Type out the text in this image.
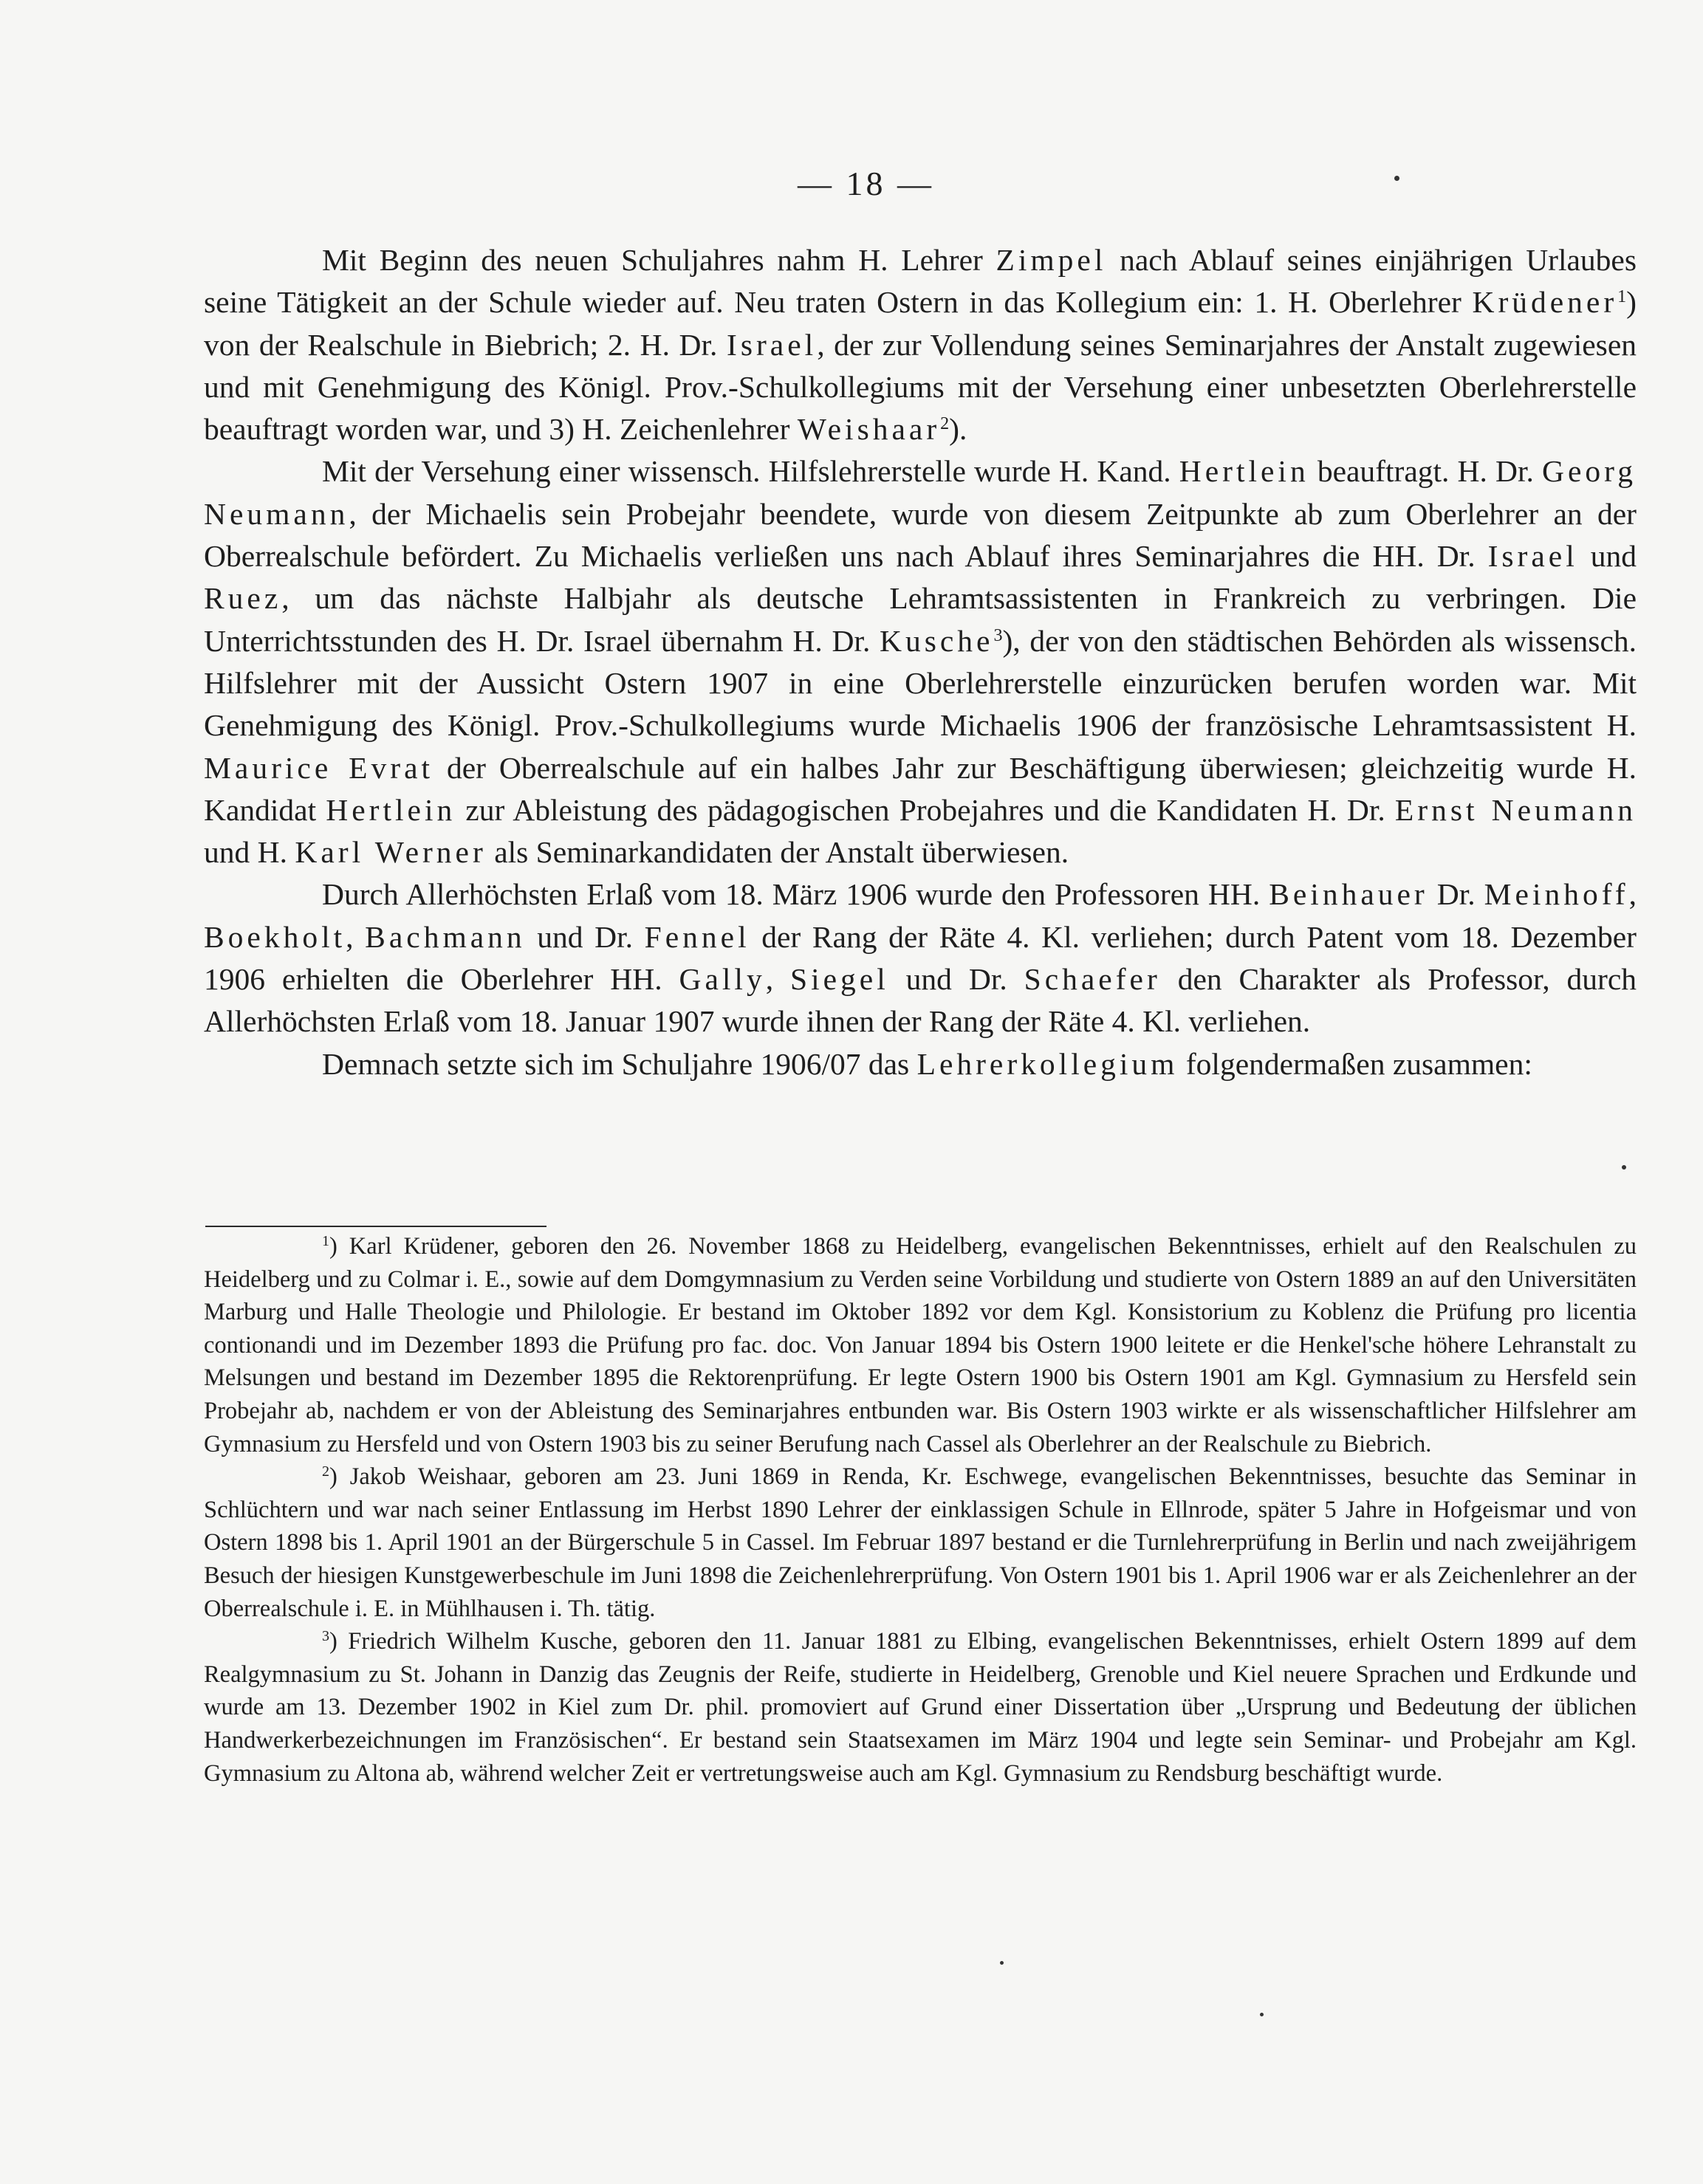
— 18 —

Mit Beginn des neuen Schuljahres nahm H. Lehrer Zimpel nach Ablauf seines einjährigen Urlaubes seine Tätigkeit an der Schule wieder auf. Neu traten Ostern in das Kollegium ein: 1. H. Oberlehrer Krüdener$^1$) von der Realschule in Biebrich; 2. H. Dr. Israel, der zur Vollendung seines Seminarjahres der Anstalt zugewiesen und mit Genehmigung des Königl. Prov.-Schulkollegiums mit der Versehung einer unbesetzten Oberlehrerstelle beauftragt worden war, und 3) H. Zeichenlehrer Weishaar$^2$).

Mit der Versehung einer wissensch. Hilfslehrerstelle wurde H. Kand. Hertlein beauftragt. H. Dr. Georg Neumann, der Michaelis sein Probejahr beendete, wurde von diesem Zeitpunkte ab zum Oberlehrer an der Oberrealschule befördert. Zu Michaelis verließen uns nach Ablauf ihres Seminarjahres die HH. Dr. Israel und Ruez, um das nächste Halbjahr als deutsche Lehramtsassistenten in Frankreich zu verbringen. Die Unterrichtsstunden des H. Dr. Israel übernahm H. Dr. Kusche$^3$), der von den städtischen Behörden als wissensch. Hilfslehrer mit der Aussicht Ostern 1907 in eine Oberlehrerstelle einzurücken berufen worden war. Mit Genehmigung des Königl. Prov.-Schulkollegiums wurde Michaelis 1906 der französische Lehramtsassistent H. Maurice Evrat der Oberrealschule auf ein halbes Jahr zur Beschäftigung überwiesen; gleichzeitig wurde H. Kandidat Hertlein zur Ableistung des pädagogischen Probejahres und die Kandidaten H. Dr. Ernst Neumann und H. Karl Werner als Seminarkandidaten der Anstalt überwiesen.

Durch Allerhöchsten Erlaß vom 18. März 1906 wurde den Professoren HH. Beinhauer Dr. Meinhoff, Boekholt, Bachmann und Dr. Fennel der Rang der Räte 4. Kl. verliehen; durch Patent vom 18. Dezember 1906 erhielten die Oberlehrer HH. Gally, Siegel und Dr. Schaefer den Charakter als Professor, durch Allerhöchsten Erlaß vom 18. Januar 1907 wurde ihnen der Rang der Räte 4. Kl. verliehen.

Demnach setzte sich im Schuljahre 1906/07 das Lehrerkollegium folgendermaßen zusammen:

$^1$) Karl Krüdener, geboren den 26. November 1868 zu Heidelberg, evangelischen Bekenntnisses, erhielt auf den Realschulen zu Heidelberg und zu Colmar i. E., sowie auf dem Domgymnasium zu Verden seine Vorbildung und studierte von Ostern 1889 an auf den Universitäten Marburg und Halle Theologie und Philologie. Er bestand im Oktober 1892 vor dem Kgl. Konsistorium zu Koblenz die Prüfung pro licentia contionandi und im Dezember 1893 die Prüfung pro fac. doc. Von Januar 1894 bis Ostern 1900 leitete er die Henkel'sche höhere Lehranstalt zu Melsungen und bestand im Dezember 1895 die Rektorenprüfung. Er legte Ostern 1900 bis Ostern 1901 am Kgl. Gymnasium zu Hersfeld sein Probejahr ab, nachdem er von der Ableistung des Seminarjahres entbunden war. Bis Ostern 1903 wirkte er als wissenschaftlicher Hilfslehrer am Gymnasium zu Hersfeld und von Ostern 1903 bis zu seiner Berufung nach Cassel als Oberlehrer an der Realschule zu Biebrich.

$^2$) Jakob Weishaar, geboren am 23. Juni 1869 in Renda, Kr. Eschwege, evangelischen Bekenntnisses, besuchte das Seminar in Schlüchtern und war nach seiner Entlassung im Herbst 1890 Lehrer der einklassigen Schule in Ellnrode, später 5 Jahre in Hofgeismar und von Ostern 1898 bis 1. April 1901 an der Bürgerschule 5 in Cassel. Im Februar 1897 bestand er die Turnlehrerprüfung in Berlin und nach zweijährigem Besuch der hiesigen Kunstgewerbeschule im Juni 1898 die Zeichenlehrerprüfung. Von Ostern 1901 bis 1. April 1906 war er als Zeichenlehrer an der Oberrealschule i. E. in Mühlhausen i. Th. tätig.

$^3$) Friedrich Wilhelm Kusche, geboren den 11. Januar 1881 zu Elbing, evangelischen Bekenntnisses, erhielt Ostern 1899 auf dem Realgymnasium zu St. Johann in Danzig das Zeugnis der Reife, studierte in Heidelberg, Grenoble und Kiel neuere Sprachen und Erdkunde und wurde am 13. Dezember 1902 in Kiel zum Dr. phil. promoviert auf Grund einer Dissertation über „Ursprung und Bedeutung der üblichen Handwerkerbezeichnungen im Französischen“. Er bestand sein Staatsexamen im März 1904 und legte sein Seminar- und Probejahr am Kgl. Gymnasium zu Altona ab, während welcher Zeit er vertretungsweise auch am Kgl. Gymnasium zu Rendsburg beschäftigt wurde.
